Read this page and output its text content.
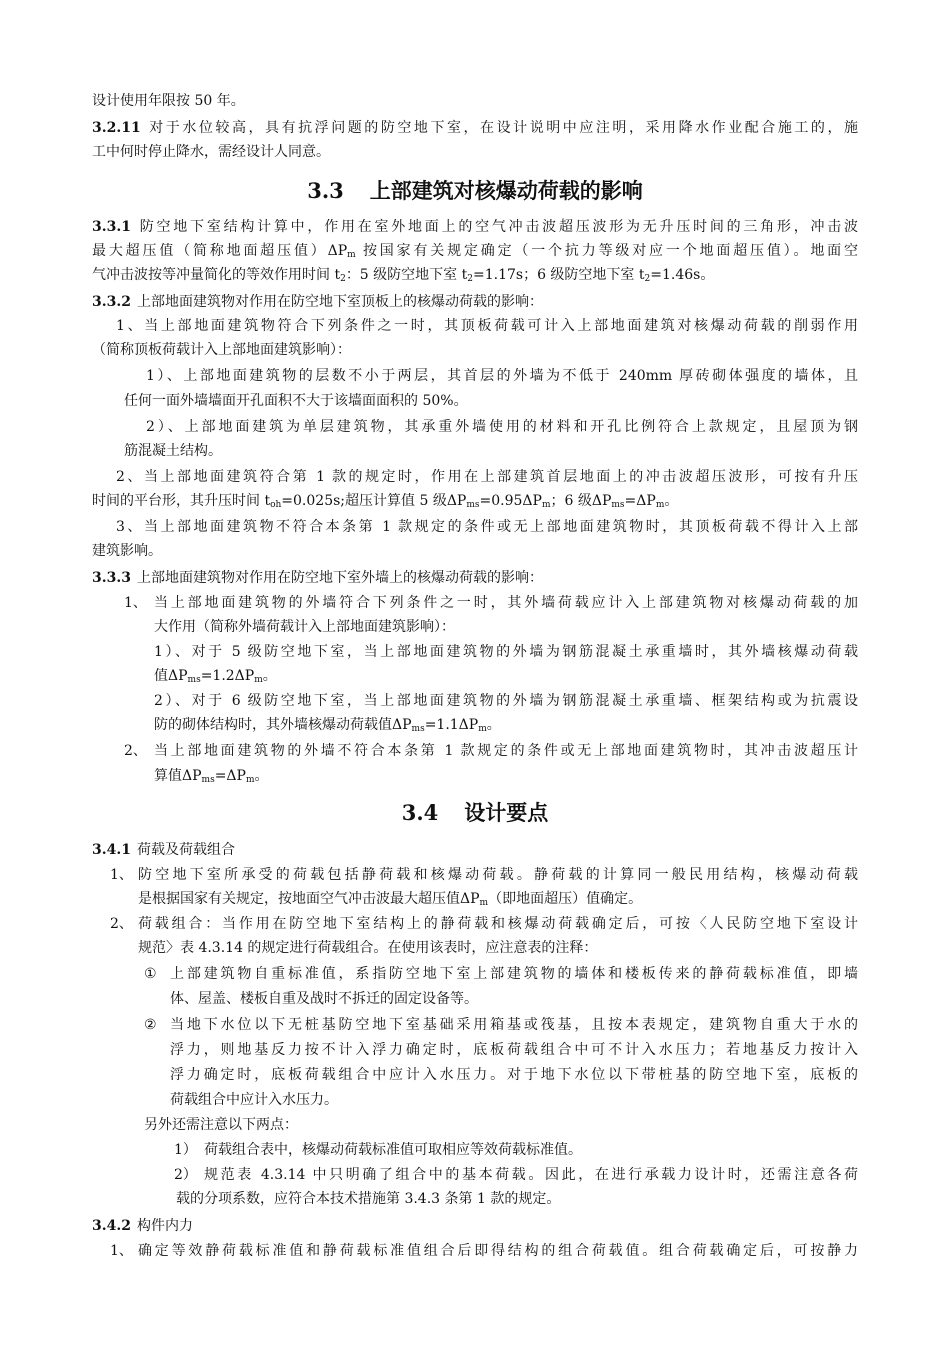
设计使用年限按 50 年。
3.2.11 对于水位较高，具有抗浮问题的防空地下室，在设计说明中应注明，采用降水作业配合施工的，施
工中何时停止降水，需经设计人同意。
3.3 上部建筑对核爆动荷载的影响
3.3.1 防空地下室结构计算中，作用在室外地面上的空气冲击波超压波形为无升压时间的三角形，冲击波
最大超压值（简称地面超压值）$\Delta P_m$ 按国家有关规定确定（一个抗力等级对应一个地面超压值）。地面空
气冲击波按等冲量简化的等效作用时间 $t_2$：5 级防空地下室 $t_2=1.17s$；6 级防空地下室 $t_2=1.46s$。
3.3.2 上部地面建筑物对作用在防空地下室顶板上的核爆动荷载的影响：
1、当上部地面建筑物符合下列条件之一时，其顶板荷载可计入上部地面建筑对核爆动荷载的削弱作用
（简称顶板荷载计入上部地面建筑影响）：
1）、上部地面建筑物的层数不小于两层，其首层的外墙为不低于 240mm 厚砖砌体强度的墙体，且
任何一面外墙墙面开孔面积不大于该墙面面积的 50%。
2）、上部地面建筑为单层建筑物，其承重外墙使用的材料和开孔比例符合上款规定，且屋顶为钢
筋混凝土结构。
2、当上部地面建筑符合第 1 款的规定时，作用在上部建筑首层地面上的冲击波超压波形，可按有升压
时间的平台形，其升压时间 $t_{oh}=0.025s$;超压计算值 5 级$\Delta P_{ms}=0.95\Delta P_m$；6 级$\Delta P_{ms}=\Delta P_m$。
3、当上部地面建筑物不符合本条第 1 款规定的条件或无上部地面建筑物时，其顶板荷载不得计入上部
建筑影响。
3.3.3 上部地面建筑物对作用在防空地下室外墙上的核爆动荷载的影响：
1、 当上部地面建筑物的外墙符合下列条件之一时，其外墙荷载应计入上部建筑物对核爆动荷载的加
大作用（简称外墙荷载计入上部地面建筑影响）：
1）、对于 5 级防空地下室，当上部地面建筑物的外墙为钢筋混凝土承重墙时，其外墙核爆动荷载
值$\Delta P_{ms}=1.2\Delta P_m$。
2）、对于 6 级防空地下室，当上部地面建筑物的外墙为钢筋混凝土承重墙、框架结构或为抗震设
防的砌体结构时，其外墙核爆动荷载值$\Delta P_{ms}=1.1\Delta P_m$。
2、 当上部地面建筑物的外墙不符合本条第 1 款规定的条件或无上部地面建筑物时，其冲击波超压计
算值$\Delta P_{ms}=\Delta P_m$。
3.4 设计要点
3.4.1 荷载及荷载组合
1、 防空地下室所承受的荷载包括静荷载和核爆动荷载。静荷载的计算同一般民用结构，核爆动荷载
是根据国家有关规定，按地面空气冲击波最大超压值$\Delta P_m$（即地面超压）值确定。
2、 荷载组合：当作用在防空地下室结构上的静荷载和核爆动荷载确定后，可按〈人民防空地下室设计
规范〉表 4.3.14 的规定进行荷载组合。在使用该表时，应注意表的注释：
① 上部建筑物自重标准值，系指防空地下室上部建筑物的墙体和楼板传来的静荷载标准值，即墙
体、屋盖、楼板自重及战时不拆迁的固定设备等。
② 当地下水位以下无桩基防空地下室基础采用箱基或筏基，且按本表规定，建筑物自重大于水的
浮力，则地基反力按不计入浮力确定时，底板荷载组合中可不计入水压力；若地基反力按计入
浮力确定时，底板荷载组合中应计入水压力。对于地下水位以下带桩基的防空地下室，底板的
荷载组合中应计入水压力。
另外还需注意以下两点：
1） 荷载组合表中，核爆动荷载标准值可取相应等效荷载标准值。
2） 规范表 4.3.14 中只明确了组合中的基本荷载。因此，在进行承载力设计时，还需注意各荷
载的分项系数，应符合本技术措施第 3.4.3 条第 1 款的规定。
3.4.2 构件内力
1、 确定等效静荷载标准值和静荷载标准值组合后即得结构的组合荷载值。组合荷载确定后，可按静力
